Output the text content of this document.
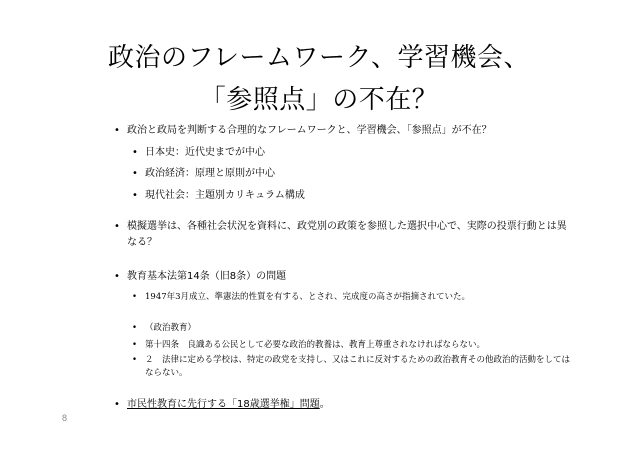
政治のフレームワーク、学習機会、
「参照点」の不在？
• 政治と政局を判断する合理的なフレームワークと、学習機会、「参照点」が不在？
• 日本史：近代史までが中心
• 政治経済：原理と原則が中心
• 現代社会：主題別カリキュラム構成
• 模擬選挙は、各種社会状況を資料に、政党別の政策を参照した選択中心で、実際の投票行動とは異
なる？
• 教育基本法第14条（旧8条）の問題
• 1947年3月成立、準憲法的性質を有する、とされ、完成度の高さが指摘されていた。
• （政治教育）
• 第十四条　良識ある公民として必要な政治的教養は、教育上尊重されなければならない。
• ２　法律に定める学校は、特定の政党を支持し、又はこれに反対するための政治教育その他政治的活動をしては
ならない。
• 市民性教育に先行する「18歳選挙権」問題。
8
